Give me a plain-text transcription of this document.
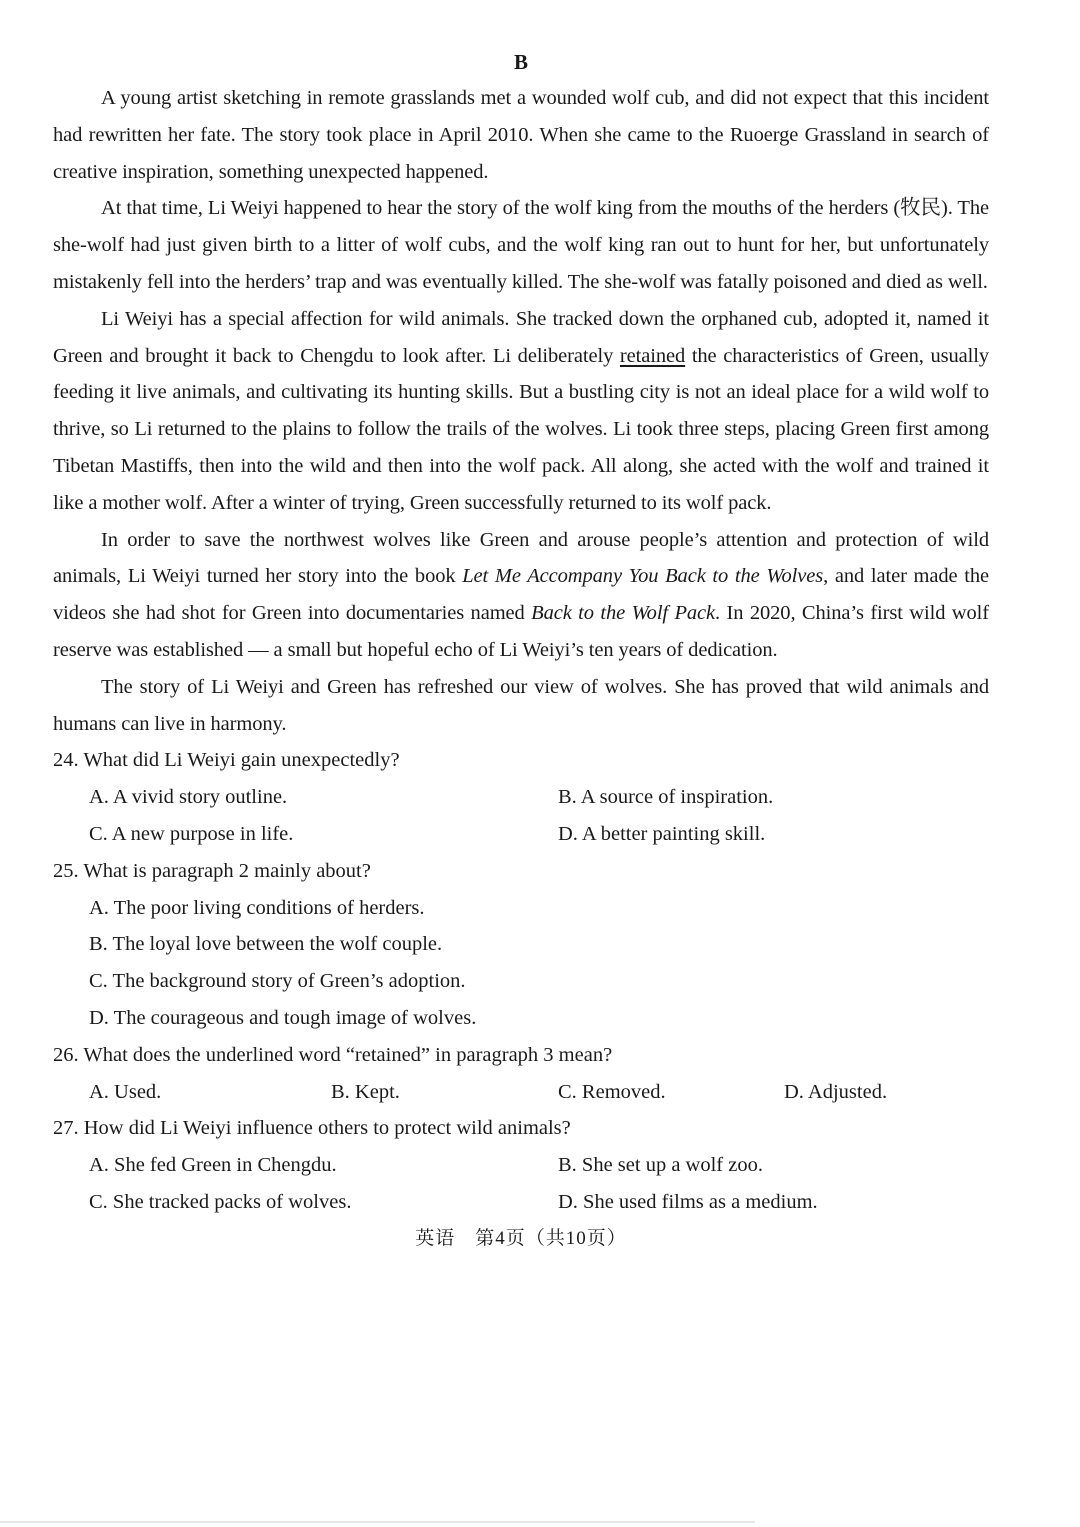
B

A young artist sketching in remote grasslands met a wounded wolf cub, and did not expect that this incident had rewritten her fate. The story took place in April 2010. When she came to the Ruoerge Grassland in search of creative inspiration, something unexpected happened.

At that time, Li Weiyi happened to hear the story of the wolf king from the mouths of the herders (牧民). The she-wolf had just given birth to a litter of wolf cubs, and the wolf king ran out to hunt for her, but unfortunately mistakenly fell into the herders’ trap and was eventually killed. The she-wolf was fatally poisoned and died as well.

Li Weiyi has a special affection for wild animals. She tracked down the orphaned cub, adopted it, named it Green and brought it back to Chengdu to look after. Li deliberately retained the characteristics of Green, usually feeding it live animals, and cultivating its hunting skills. But a bustling city is not an ideal place for a wild wolf to thrive, so Li returned to the plains to follow the trails of the wolves. Li took three steps, placing Green first among Tibetan Mastiffs, then into the wild and then into the wolf pack. All along, she acted with the wolf and trained it like a mother wolf. After a winter of trying, Green successfully returned to its wolf pack.

In order to save the northwest wolves like Green and arouse people’s attention and protection of wild animals, Li Weiyi turned her story into the book Let Me Accompany You Back to the Wolves, and later made the videos she had shot for Green into documentaries named Back to the Wolf Pack. In 2020, China’s first wild wolf reserve was established — a small but hopeful echo of Li Weiyi’s ten years of dedication.

The story of Li Weiyi and Green has refreshed our view of wolves. She has proved that wild animals and humans can live in harmony.

24. What did Li Weiyi gain unexpectedly?

A. A vivid story outline.	B. A source of inspiration.
C. A new purpose in life.	D. A better painting skill.

25. What is paragraph 2 mainly about?

A. The poor living conditions of herders.
B. The loyal love between the wolf couple.
C. The background story of Green’s adoption.
D. The courageous and tough image of wolves.

26. What does the underlined word “retained” in paragraph 3 mean?

A. Used.	B. Kept.	C. Removed.	D. Adjusted.

27. How did Li Weiyi influence others to protect wild animals?

A. She fed Green in Chengdu.	B. She set up a wolf zoo.
C. She tracked packs of wolves.	D. She used films as a medium.
英语　第4页（共10页）
